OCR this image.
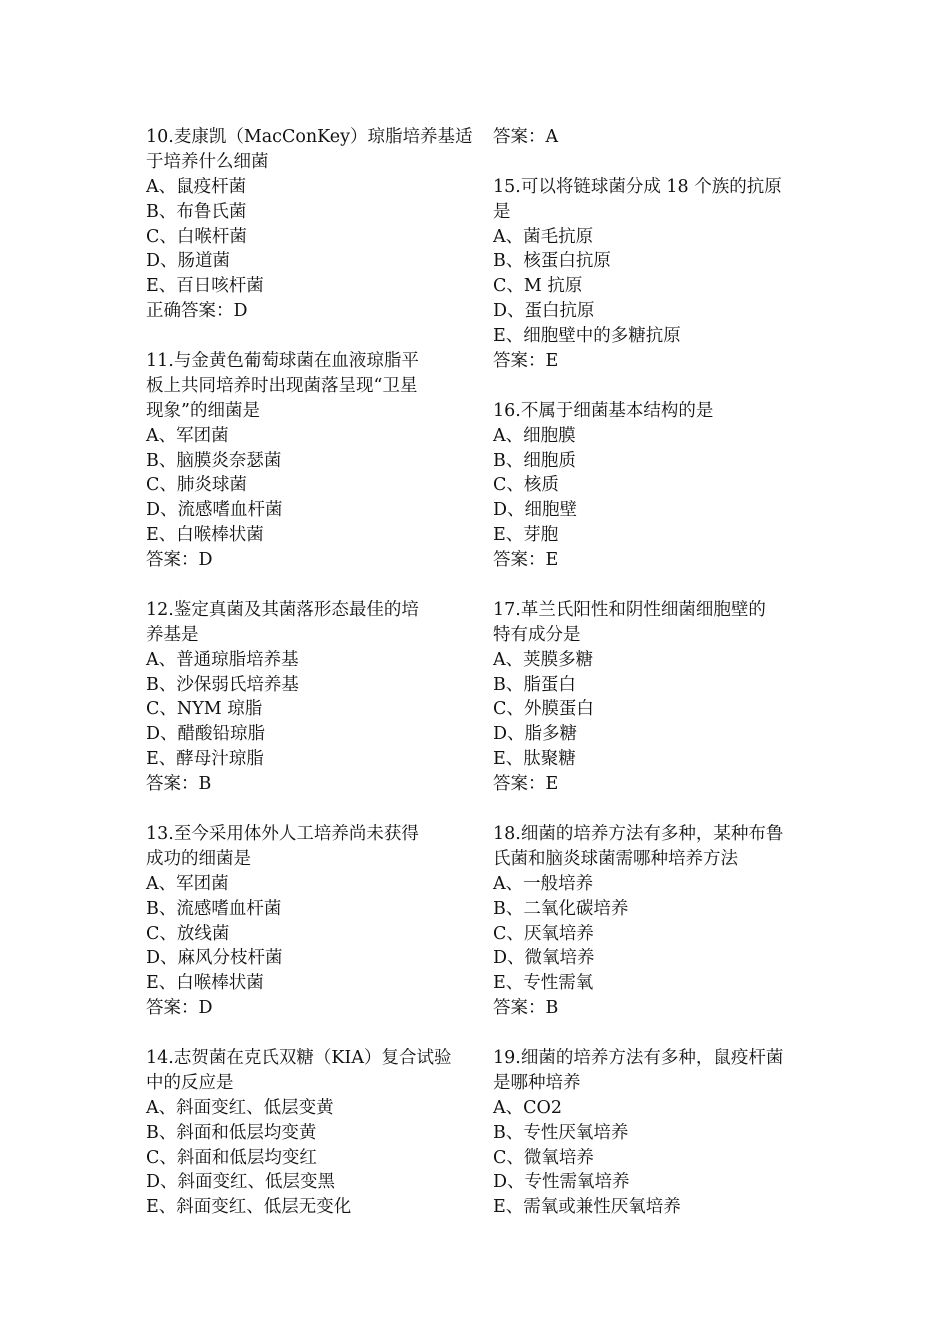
10.麦康凯（MacConKey）琼脂培养基适
于培养什么细菌
A、鼠疫杆菌
B、布鲁氏菌
C、白喉杆菌
D、肠道菌
E、百日咳杆菌
正确答案：D
11.与金黄色葡萄球菌在血液琼脂平
板上共同培养时出现菌落呈现“卫星
现象”的细菌是
A、军团菌
B、脑膜炎奈瑟菌
C、肺炎球菌
D、流感嗜血杆菌
E、白喉棒状菌
答案：D
12.鉴定真菌及其菌落形态最佳的培
养基是
A、普通琼脂培养基
B、沙保弱氏培养基
C、NYM 琼脂
D、醋酸铅琼脂
E、酵母汁琼脂
答案：B
13.至今采用体外人工培养尚未获得
成功的细菌是
A、军团菌
B、流感嗜血杆菌
C、放线菌
D、麻风分枝杆菌
E、白喉棒状菌
答案：D
14.志贺菌在克氏双糖（KIA）复合试验
中的反应是
A、斜面变红、低层变黄
B、斜面和低层均变黄
C、斜面和低层均变红
D、斜面变红、低层变黑
E、斜面变红、低层无变化
答案：A
15.可以将链球菌分成 18 个族的抗原
是
A、菌毛抗原
B、核蛋白抗原
C、M 抗原
D、蛋白抗原
E、细胞壁中的多糖抗原
答案：E
16.不属于细菌基本结构的是
A、细胞膜
B、细胞质
C、核质
D、细胞壁
E、芽胞
答案：E
17.革兰氏阳性和阴性细菌细胞壁的
特有成分是
A、荚膜多糖
B、脂蛋白
C、外膜蛋白
D、脂多糖
E、肽聚糖
答案：E
18.细菌的培养方法有多种，某种布鲁
氏菌和脑炎球菌需哪种培养方法
A、一般培养
B、二氧化碳培养
C、厌氧培养
D、微氧培养
E、专性需氧
答案：B
19.细菌的培养方法有多种，鼠疫杆菌
是哪种培养
A、CO2
B、专性厌氧培养
C、微氧培养
D、专性需氧培养
E、需氧或兼性厌氧培养
